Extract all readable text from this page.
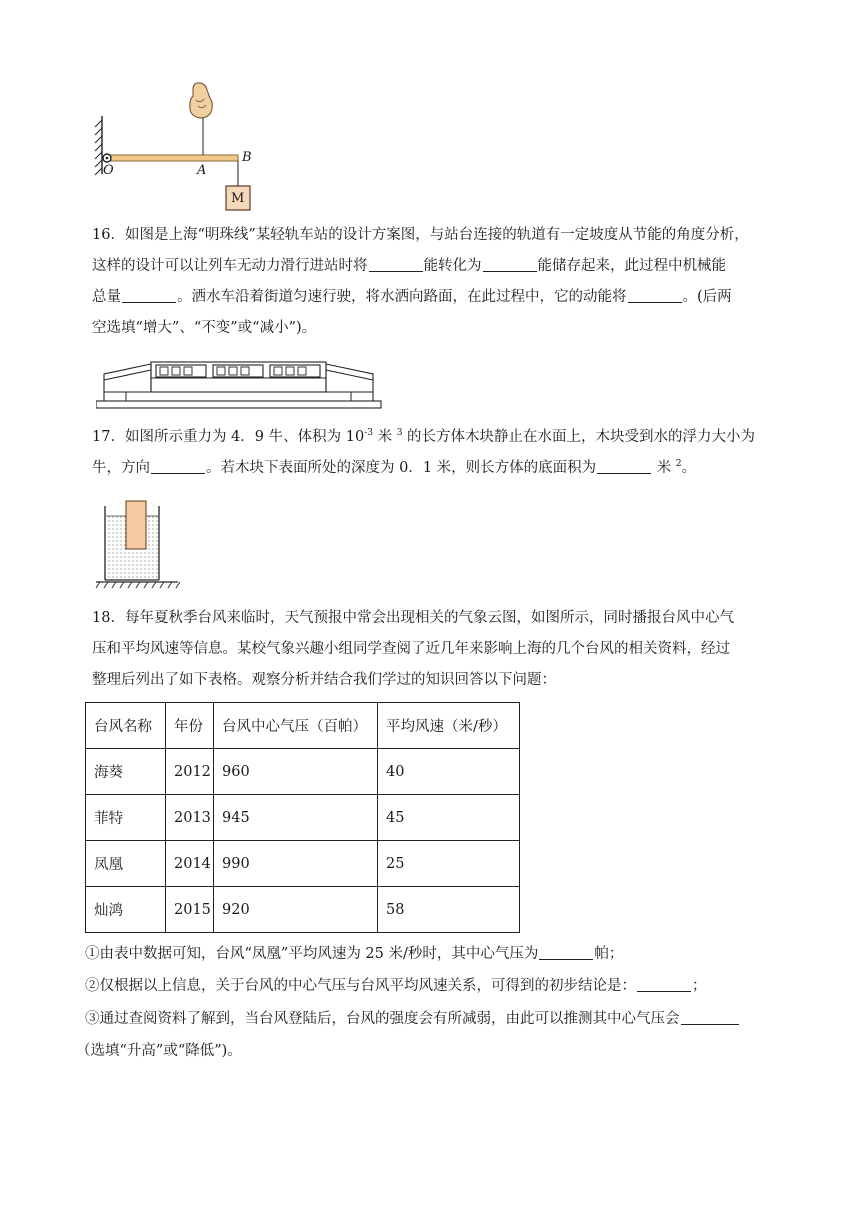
O	A
B
M
16．如图是上海“明珠线”某轻轨车站的设计方案图，与站台连接的轨道有一定坡度从节能的角度分析，
这样的设计可以让列车无动力滑行进站时将	能转化为	能储存起来，此过程中机械能
总量	。洒水车沿着街道匀速行驶，将水洒向路面，在此过程中，它的动能将	。(后两
空选填“增大”、“不变”或“减小”)。
17．如图所示重力为 4．9 牛、体积为 $10^{-3}$ 米 $^3$ 的长方体木块静止在水面上，木块受到水的浮力大小为
牛，方向	。若木块下表面所处的深度为 0．1 米，则长方体的底面积为	米 $^2$。
18．每年夏秋季台风来临时，天气预报中常会出现相关的气象云图，如图所示，同时播报台风中心气
压和平均风速等信息。某校气象兴趣小组同学查阅了近几年来影响上海的几个台风的相关资料，经过
整理后列出了如下表格。观察分析并结合我们学过的知识回答以下问题：
台风名称	年份	台风中心气压（百帕）	平均风速（米/秒）
海葵	2012	960	40
菲特	2013	945	45
凤凰	2014	990	25
灿鸿	2015	920	58
①由表中数据可知，台风“凤凰”平均风速为 25 米/秒时，其中心气压为	帕；
②仅根据以上信息，关于台风的中心气压与台风平均风速关系，可得到的初步结论是：	；
③通过查阅资料了解到，当台风登陆后，台风的强度会有所减弱，由此可以推测其中心气压会
（选填“升高”或“降低”)。
